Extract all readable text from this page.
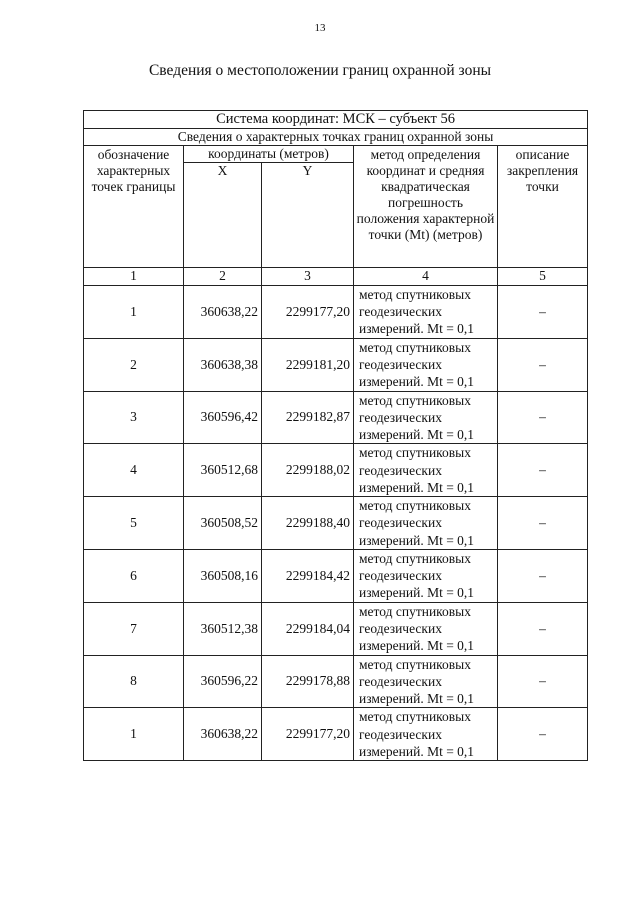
13
Сведения о местоположении границ охранной зоны
Система координат: МСК – субъект 56				
Сведения о характерных точках границ охранной зоны				
обозначение характерных точек границы	координаты (метров)		метод определения координат и средняя квадратическая погрешность положения характерной точки (Mt) (метров)	описание закрепления точки
	X	Y		
1	2	3	4	5
1	360638,22	2299177,20	метод спутниковых геодезических измерений. Mt = 0,1	–
2	360638,38	2299181,20	метод спутниковых геодезических измерений. Mt = 0,1	–
3	360596,42	2299182,87	метод спутниковых геодезических измерений. Mt = 0,1	–
4	360512,68	2299188,02	метод спутниковых геодезических измерений. Mt = 0,1	–
5	360508,52	2299188,40	метод спутниковых геодезических измерений. Mt = 0,1	–
6	360508,16	2299184,42	метод спутниковых геодезических измерений. Mt = 0,1	–
7	360512,38	2299184,04	метод спутниковых геодезических измерений. Mt = 0,1	–
8	360596,22	2299178,88	метод спутниковых геодезических измерений. Mt = 0,1	–
1	360638,22	2299177,20	метод спутниковых геодезических измерений. Mt = 0,1	–
